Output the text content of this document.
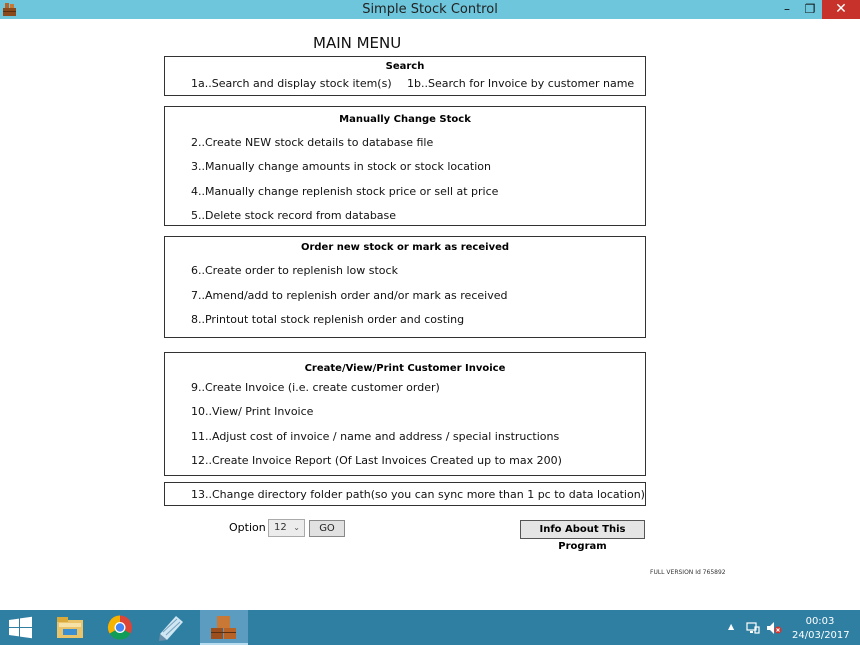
Simple Stock Control	–	❐	✕
MAIN MENU
Search
1a..Search and display stock item(s) 1b..Search for Invoice by customer name
Manually Change Stock
2..Create NEW stock details to database file
3..Manually change amounts in stock or stock location
4..Manually change replenish stock price or sell at price
5..Delete stock record from database
Order new stock or mark as received
6..Create order to replenish low stock
7..Amend/add to replenish order and/or mark as received
8..Printout total stock replenish order and costing
Create/View/Print Customer Invoice
9..Create Invoice (i.e. create customer order)
10..View/ Print Invoice
11..Adjust cost of invoice / name and address / special instructions
12..Create Invoice Report (Of Last Invoices Created up to max 200)
13..Change directory folder path(so you can sync more than 1 pc to data location)
Option 12 ⌄	GO	Info About This Program
FULL VERSION Id 765892
▲	00:03
24/03/2017
